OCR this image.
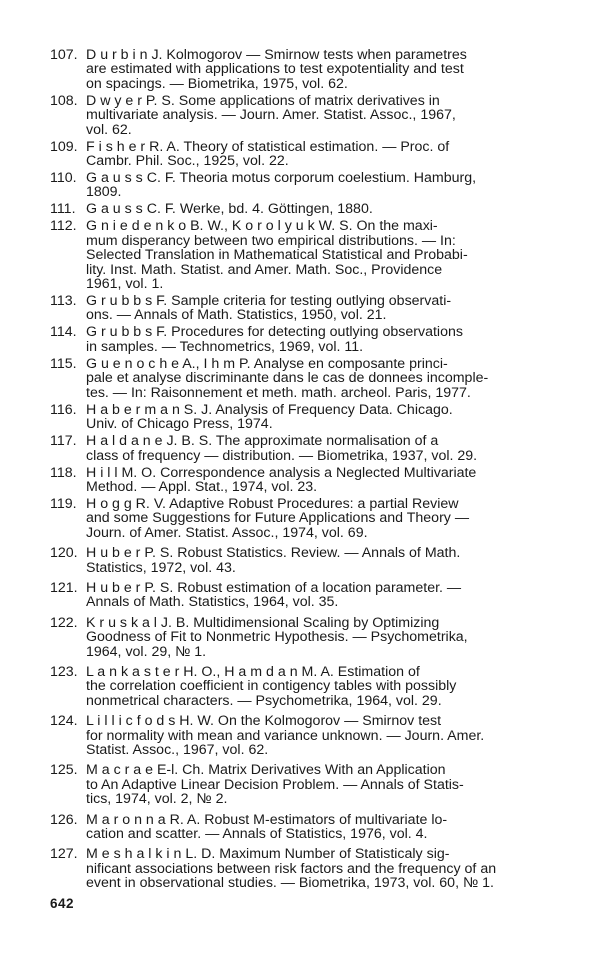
107. D u r b i n J. Kolmogorov — Smirnow tests when parametres
are estimated with applications to test expotentiality and test
on spacings. — Biometrika, 1975, vol. 62.
108. D w y e r P. S. Some applications of matrix derivatives in
multivariate analysis. — Journ. Amer. Statist. Assoc., 1967,
vol. 62.
109. F i s h e r R. A. Theory of statistical estimation. — Proc. of
Cambr. Phil. Soc., 1925, vol. 22.
110. G a u s s C. F. Theoria motus corporum coelestium. Hamburg,
1809.
111. G a u s s C. F. Werke, bd. 4. Göttingen, 1880.
112. G n i e d e n k o B. W., K o r o l y u k W. S. On the maxi-
mum disperancy between two empirical distributions. — In:
Selected Translation in Mathematical Statistical and Probabi-
lity. Inst. Math. Statist. and Amer. Math. Soc., Providence
1961, vol. 1.
113. G r u b b s F. Sample criteria for testing outlying observati-
ons. — Annals of Math. Statistics, 1950, vol. 21.
114. G r u b b s F. Procedures for detecting outlying observations
in samples. — Technometrics, 1969, vol. 11.
115. G u e n o c h e A., I h m P. Analyse en composante princi-
pale et analyse discriminante dans le cas de donnees incomple-
tes. — In: Raisonnement et meth. math. archeol. Paris, 1977.
116. H a b e r m a n S. J. Analysis of Frequency Data. Chicago.
Univ. of Chicago Press, 1974.
117. H a l d a n e J. B. S. The approximate normalisation of a
class of frequency — distribution. — Biometrika, 1937, vol. 29.
118. H i l l M. O. Correspondence analysis a Neglected Multivariate
Method. — Appl. Stat., 1974, vol. 23.
119. H o g g R. V. Adaptive Robust Procedures: a partial Review
and some Suggestions for Future Applications and Theory —
Journ. of Amer. Statist. Assoc., 1974, vol. 69.
120. H u b e r P. S. Robust Statistics. Review. — Annals of Math.
Statistics, 1972, vol. 43.
121. H u b e r P. S. Robust estimation of a location parameter. —
Annals of Math. Statistics, 1964, vol. 35.
122. K r u s k a l J. B. Multidimensional Scaling by Optimizing
Goodness of Fit to Nonmetric Hypothesis. — Psychometrika,
1964, vol. 29, № 1.
123. L a n k a s t e r H. O., H a m d a n M. A. Estimation of
the correlation coefficient in contigency tables with possibly
nonmetrical characters. — Psychometrika, 1964, vol. 29.
124. L i l l i c f o d s H. W. On the Kolmogorov — Smirnov test
for normality with mean and variance unknown. — Journ. Amer.
Statist. Assoc., 1967, vol. 62.
125. M a c r a e E-l. Ch. Matrix Derivatives With an Application
to An Adaptive Linear Decision Problem. — Annals of Statis-
tics, 1974, vol. 2, № 2.
126. M a r o n n a R. A. Robust M-estimators of multivariate lo-
cation and scatter. — Annals of Statistics, 1976, vol. 4.
127. M e s h a l k i n L. D. Maximum Number of Statisticaly sig-
nificant associations between risk factors and the frequency of an
event in observational studies. — Biometrika, 1973, vol. 60, № 1.
642
